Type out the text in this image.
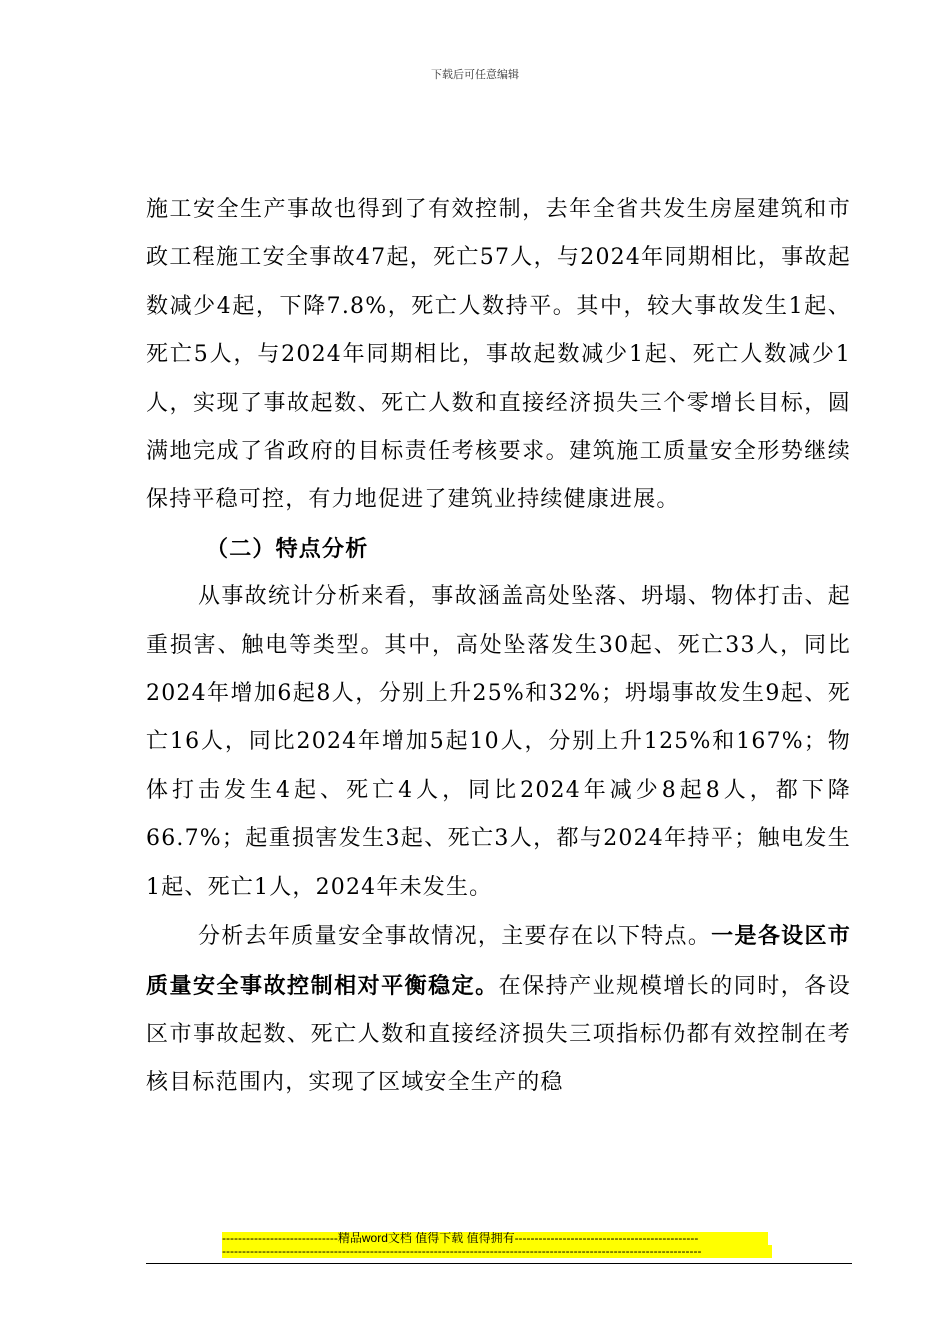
下载后可任意编辑

施工安全生产事故也得到了有效控制，去年全省共发生房屋建筑和市政工程施工安全事故47起，死亡57人，与2024年同期相比，事故起数减少4起，下降7.8%，死亡人数持平。其中，较大事故发生1起、死亡5人，与2024年同期相比，事故起数减少1起、死亡人数减少1人，实现了事故起数、死亡人数和直接经济损失三个零增长目标，圆满地完成了省政府的目标责任考核要求。建筑施工质量安全形势继续保持平稳可控，有力地促进了建筑业持续健康进展。

（二）特点分析

从事故统计分析来看，事故涵盖高处坠落、坍塌、物体打击、起重损害、触电等类型。其中，高处坠落发生30起、死亡33人，同比2024年增加6起8人，分别上升25%和32%；坍塌事故发生9起、死亡16人，同比2024年增加5起10人，分别上升125%和167%；物体打击发生4起、死亡4人，同比2024年减少8起8人，都下降66.7%；起重损害发生3起、死亡3人，都与2024年持平；触电发生1起、死亡1人，2024年未发生。

分析去年质量安全事故情况，主要存在以下特点。一是各设区市质量安全事故控制相对平衡稳定。在保持产业规模增长的同时，各设区市事故起数、死亡人数和直接经济损失三项指标仍都有效控制在考核目标范围内，实现了区域安全生产的稳

-----------------------------精品word文档 值得下载 值得拥有----------------------------------------------
------------------------------------------------------------------------------------------------------------------------
